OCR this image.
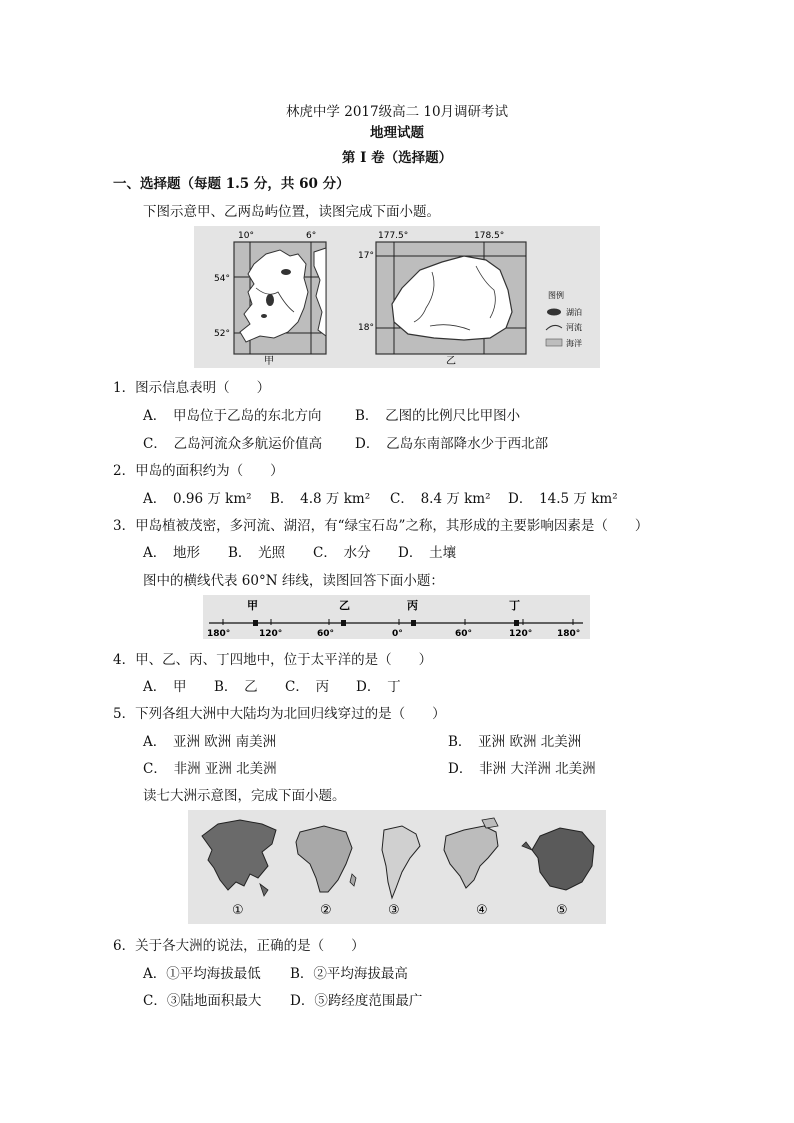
林虎中学 2017级高二 10月调研考试
地理试题
第 I 卷（选择题）
一、选择题（每题 1.5 分，共 60 分）
下图示意甲、乙两岛屿位置，读图完成下面小题。
10°	6°
54°
52°
甲
177.5°	178.5°
17°
18°
乙
图例
湖泊
河流
海洋
1．图示信息表明（　　）
A．　甲岛位于乙岛的东北方向 B．　乙图的比例尺比甲图小
C．　乙岛河流众多航运价值高 D．　乙岛东南部降水少于西北部
2．甲岛的面积约为（　　）
A．　0.96 万 km² B．　4.8 万 km² C．　8.4 万 km² D．　14.5 万 km²
3．甲岛植被茂密，多河流、湖沼，有“绿宝石岛”之称，其形成的主要影响因素是（　　）
A．　地形 B．　光照 C．　水分 D．　土壤
图中的横线代表 60°N 纬线，读图回答下面小题：
甲	乙	丙	丁
180°	120°	60°	0°	60°	120°	180°
4．甲、乙、丙、丁四地中，位于太平洋的是（　　）
A．　甲 B．　乙 C．　丙 D．　丁
5．下列各组大洲中大陆均为北回归线穿过的是（　　）
A．　亚洲 欧洲 南美洲	B．　亚洲 欧洲 北美洲
C．　非洲 亚洲 北美洲	D．　非洲 大洋洲 北美洲
读七大洲示意图，完成下面小题。
①	②	③	④	⑤
6．关于各大洲的说法，正确的是（　　）
A．①平均海拔最低 B．②平均海拔最高
C．③陆地面积最大 D．⑤跨经度范围最广
